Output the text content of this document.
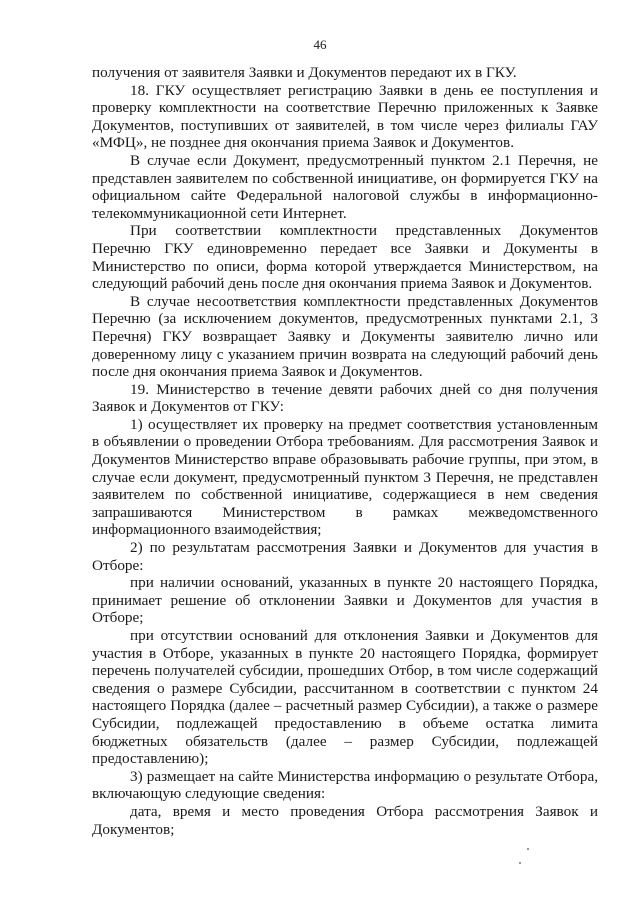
46

получения от заявителя Заявки и Документов передают их в ГКУ.

18. ГКУ осуществляет регистрацию Заявки в день ее поступления и проверку комплектности на соответствие Перечню приложенных к Заявке Документов, поступивших от заявителей, в том числе через филиалы ГАУ «МФЦ», не позднее дня окончания приема Заявок и Документов.

В случае если Документ, предусмотренный пунктом 2.1 Перечня, не представлен заявителем по собственной инициативе, он формируется ГКУ на официальном сайте Федеральной налоговой службы в информационно-телекоммуникационной сети Интернет.

При соответствии комплектности представленных Документов Перечню ГКУ единовременно передает все Заявки и Документы в Министерство по описи, форма которой утверждается Министерством, на следующий рабочий день после дня окончания приема Заявок и Документов.

В случае несоответствия комплектности представленных Документов Перечню (за исключением документов, предусмотренных пунктами 2.1, 3 Перечня) ГКУ возвращает Заявку и Документы заявителю лично или доверенному лицу с указанием причин возврата на следующий рабочий день после дня окончания приема Заявок и Документов.

19. Министерство в течение девяти рабочих дней со дня получения Заявок и Документов от ГКУ:

1) осуществляет их проверку на предмет соответствия установленным в объявлении о проведении Отбора требованиям. Для рассмотрения Заявок и Документов Министерство вправе образовывать рабочие группы, при этом, в случае если документ, предусмотренный пунктом 3 Перечня, не представлен заявителем по собственной инициативе, содержащиеся в нем сведения запрашиваются Министерством в рамках межведомственного информационного взаимодействия;

2) по результатам рассмотрения Заявки и Документов для участия в Отборе:

при наличии оснований, указанных в пункте 20 настоящего Порядка, принимает решение об отклонении Заявки и Документов для участия в Отборе;

при отсутствии оснований для отклонения Заявки и Документов для участия в Отборе, указанных в пункте 20 настоящего Порядка, формирует перечень получателей субсидии, прошедших Отбор, в том числе содержащий сведения о размере Субсидии, рассчитанном в соответствии с пунктом 24 настоящего Порядка (далее – расчетный размер Субсидии), а также о размере Субсидии, подлежащей предоставлению в объеме остатка лимита бюджетных обязательств (далее – размер Субсидии, подлежащей предоставлению);

3) размещает на сайте Министерства информацию о результате Отбора, включающую следующие сведения:

дата, время и место проведения Отбора рассмотрения Заявок и Документов;
